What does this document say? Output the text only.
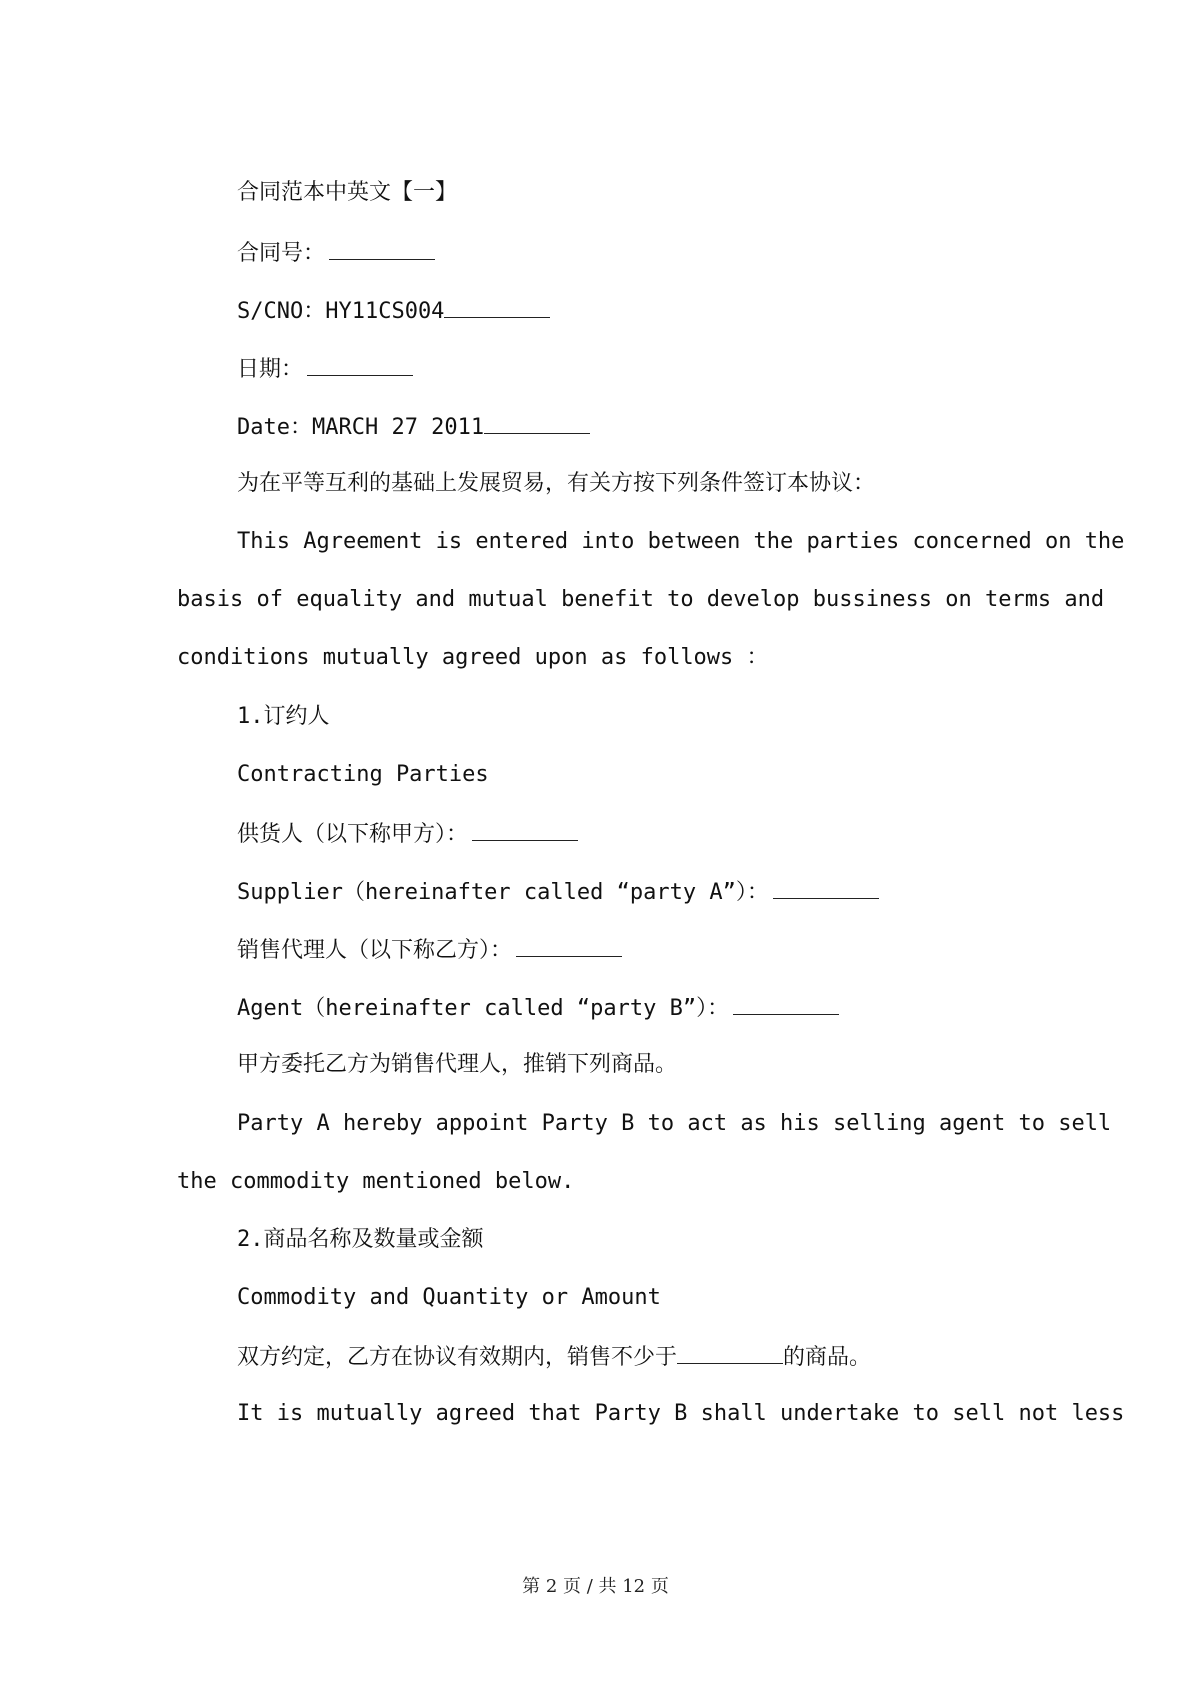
合同范本中英文【一】
合同号：
S/CNO：HY11CS004
日期：
Date：MARCH 27 2011
为在平等互利的基础上发展贸易，有关方按下列条件签订本协议：
This Agreement is entered into between the parties concerned on the
basis of equality and mutual benefit to develop bussiness on terms and
conditions mutually agreed upon as follows ：
1.订约人
Contracting Parties
供货人（以下称甲方）：
Supplier（hereinafter called “party A”）：
销售代理人（以下称乙方）：
Agent（hereinafter called “party B”）：
甲方委托乙方为销售代理人，推销下列商品。
Party A hereby appoint Party B to act as his selling agent to sell
the commodity mentioned below.
2.商品名称及数量或金额
Commodity and Quantity or Amount
双方约定，乙方在协议有效期内，销售不少于	的商品。
It is mutually agreed that Party B shall undertake to sell not less
第 2 页 / 共 12 页
